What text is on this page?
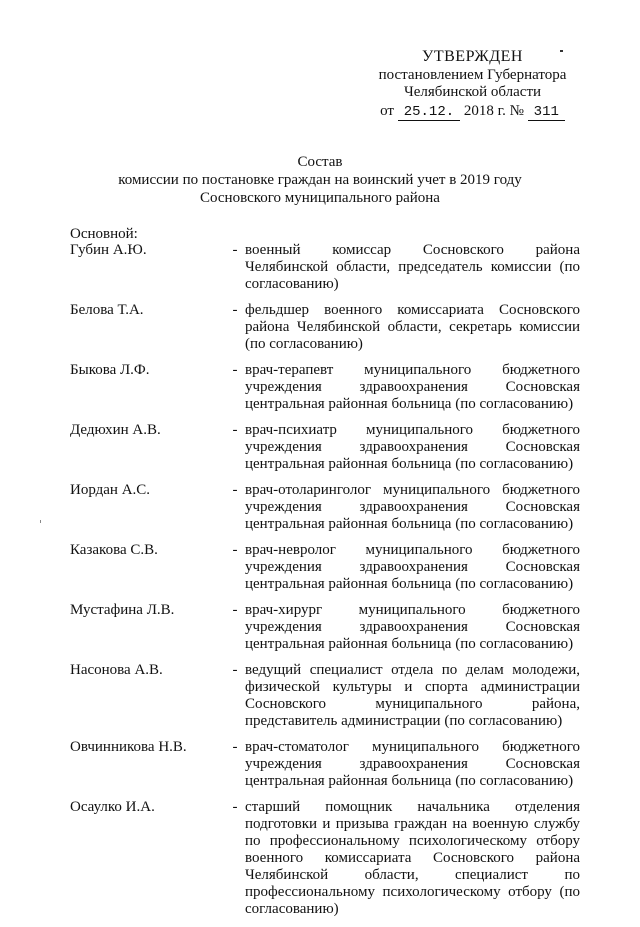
УТВЕРЖДЕН
постановлением Губернатора
Челябинской области
от 25.12. 2018 г. № 311
Состав
комиссии по постановке граждан на воинский учет в 2019 году
Сосновского муниципального района
Основной:
Губин А.Ю.	- военный комиссар Сосновского района Челябинской области, председатель комиссии (по согласованию)
Белова Т.А.	- фельдшер военного комиссариата Сосновского района Челябинской области, секретарь комиссии (по согласованию)
Быкова Л.Ф.	- врач-терапевт муниципального бюджетного учреждения здравоохранения Сосновская центральная районная больница (по согласованию)
Дедюхин А.В.	- врач-психиатр муниципального бюджетного учреждения здравоохранения Сосновская центральная районная больница (по согласованию)
Иордан А.С.	- врач-отоларинголог муниципального бюджетного учреждения здравоохранения Сосновская центральная районная больница (по согласованию)
Казакова С.В.	- врач-невролог муниципального бюджетного учреждения здравоохранения Сосновская центральная районная больница (по согласованию)
Мустафина Л.В.	- врач-хирург муниципального бюджетного учреждения здравоохранения Сосновская центральная районная больница (по согласованию)
Насонова А.В.	- ведущий специалист отдела по делам молодежи, физической культуры и спорта администрации Сосновского муниципального района, представитель администрации (по согласованию)
Овчинникова Н.В.	- врач-стоматолог муниципального бюджетного учреждения здравоохранения Сосновская центральная районная больница (по согласованию)
Осаулко И.А.	- старший помощник начальника отделения подготовки и призыва граждан на военную службу по профессиональному психологическому отбору военного комиссариата Сосновского района Челябинской области, специалист по профессиональному психологическому отбору (по согласованию)
